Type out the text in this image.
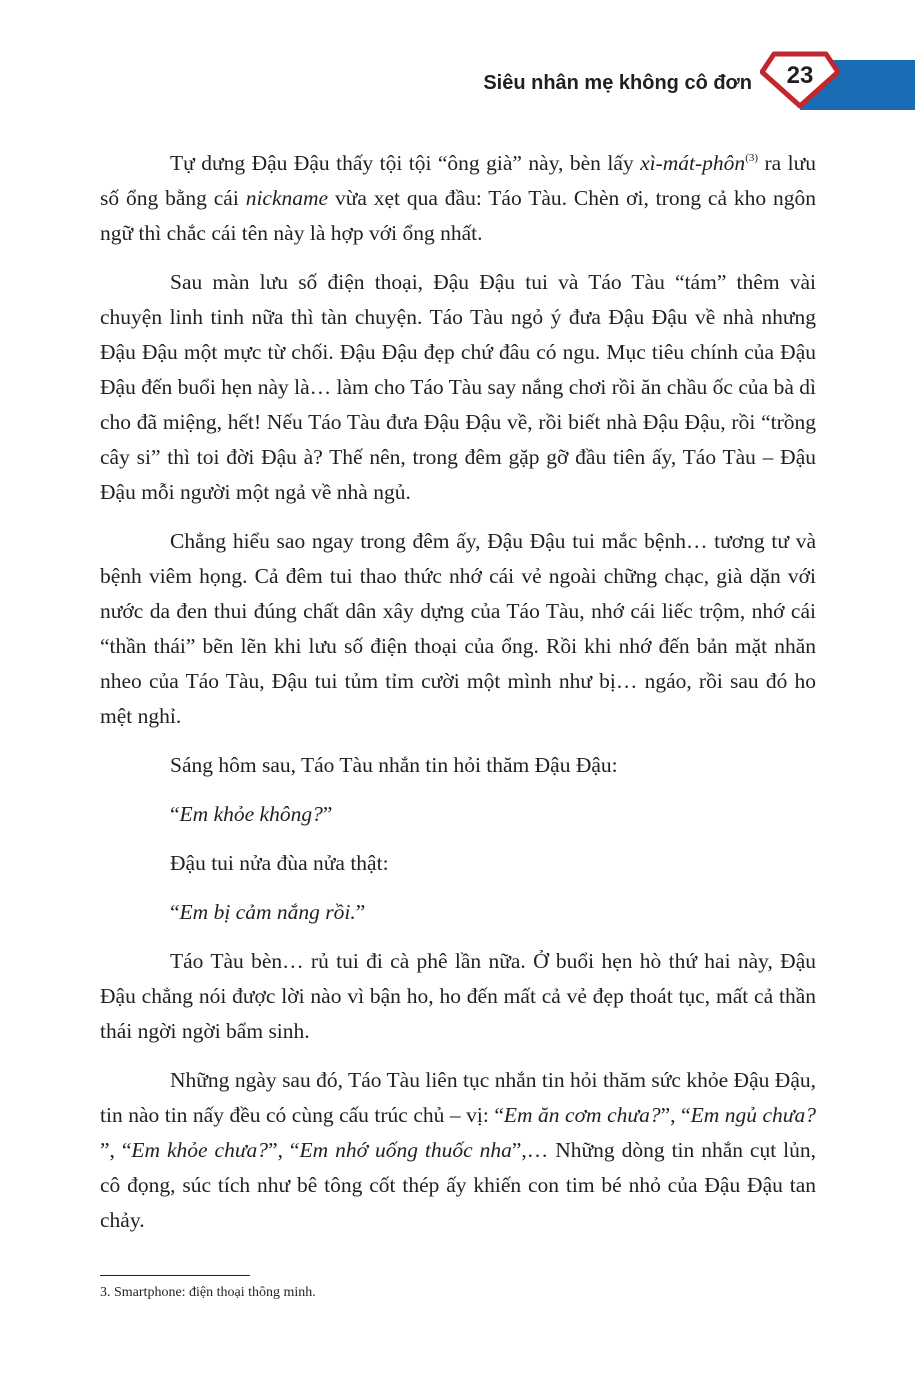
Siêu nhân mẹ không cô đơn	23

Tự dưng Đậu Đậu thấy tội tội “ông già” này, bèn lấy xì-mát-phôn$^{(3)}$ ra lưu số ổng bằng cái nickname vừa xẹt qua đầu: Táo Tàu. Chèn ơi, trong cả kho ngôn ngữ thì chắc cái tên này là hợp với ổng nhất.

Sau màn lưu số điện thoại, Đậu Đậu tui và Táo Tàu “tám” thêm vài chuyện linh tinh nữa thì tàn chuyện. Táo Tàu ngỏ ý đưa Đậu Đậu về nhà nhưng Đậu Đậu một mực từ chối. Đậu Đậu đẹp chứ đâu có ngu. Mục tiêu chính của Đậu Đậu đến buổi hẹn này là… làm cho Táo Tàu say nắng chơi rồi ăn chầu ốc của bà dì cho đã miệng, hết! Nếu Táo Tàu đưa Đậu Đậu về, rồi biết nhà Đậu Đậu, rồi “trồng cây si” thì toi đời Đậu à? Thế nên, trong đêm gặp gỡ đầu tiên ấy, Táo Tàu – Đậu Đậu mỗi người một ngả về nhà ngủ.

Chẳng hiểu sao ngay trong đêm ấy, Đậu Đậu tui mắc bệnh… tương tư và bệnh viêm họng. Cả đêm tui thao thức nhớ cái vẻ ngoài chững chạc, già dặn với nước da đen thui đúng chất dân xây dựng của Táo Tàu, nhớ cái liếc trộm, nhớ cái “thần thái” bẽn lẽn khi lưu số điện thoại của ổng. Rồi khi nhớ đến bản mặt nhăn nheo của Táo Tàu, Đậu tui tủm tỉm cười một mình như bị… ngáo, rồi sau đó ho mệt nghỉ.

Sáng hôm sau, Táo Tàu nhắn tin hỏi thăm Đậu Đậu:

“Em khỏe không?”

Đậu tui nửa đùa nửa thật:

“Em bị cảm nắng rồi.”

Táo Tàu bèn… rủ tui đi cà phê lần nữa. Ở buổi hẹn hò thứ hai này, Đậu Đậu chẳng nói được lời nào vì bận ho, ho đến mất cả vẻ đẹp thoát tục, mất cả thần thái ngời ngời bẩm sinh.

Những ngày sau đó, Táo Tàu liên tục nhắn tin hỏi thăm sức khỏe Đậu Đậu, tin nào tin nấy đều có cùng cấu trúc chủ – vị: “Em ăn cơm chưa?”, “Em ngủ chưa? ”, “Em khỏe chưa?”, “Em nhớ uống thuốc nha”,… Những dòng tin nhắn cụt lủn, cô đọng, súc tích như bê tông cốt thép ấy khiến con tim bé nhỏ của Đậu Đậu tan chảy.

3. Smartphone: điện thoại thông minh.
